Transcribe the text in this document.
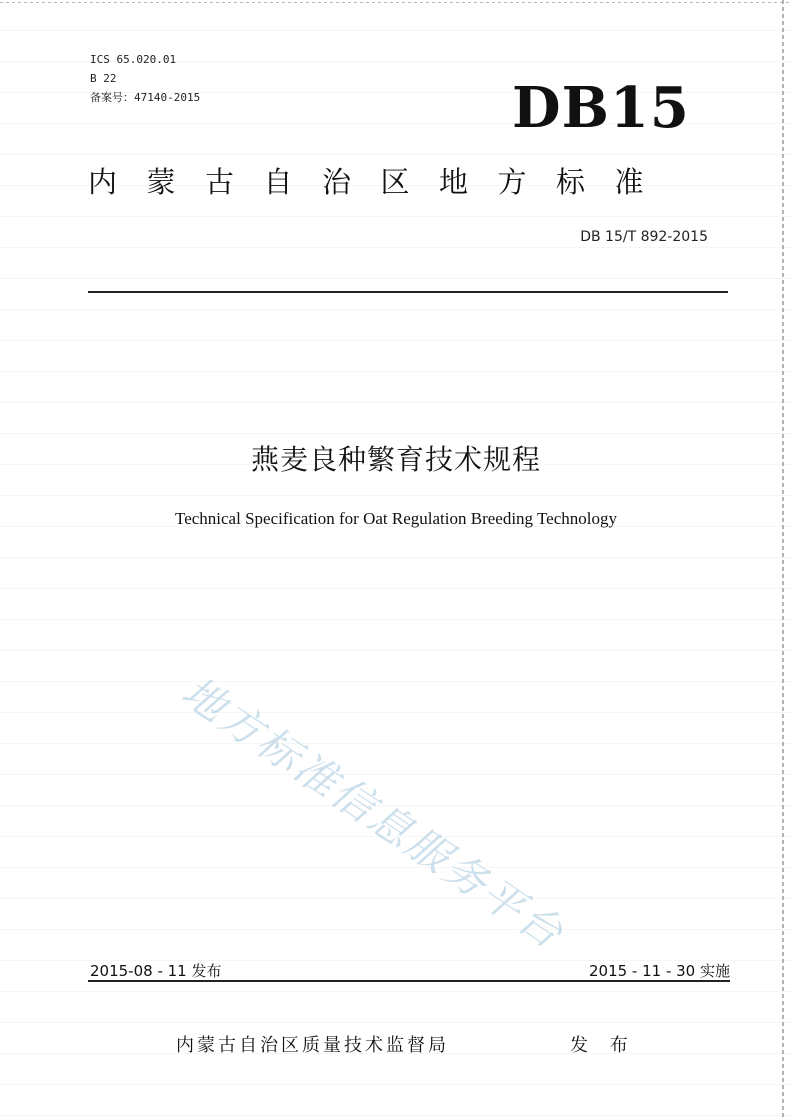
ICS 65.020.01
B 22
备案号：47140-2015	DB15
内蒙古自治区地方标准
DB 15/T 892-2015
燕麦良种繁育技术规程
Technical Specification for Oat Regulation Breeding Technology
地方标准信息服务平台
2015-08 - 11 发布	2015 - 11 - 30 实施
内蒙古自治区质量技术监督局	发 布
